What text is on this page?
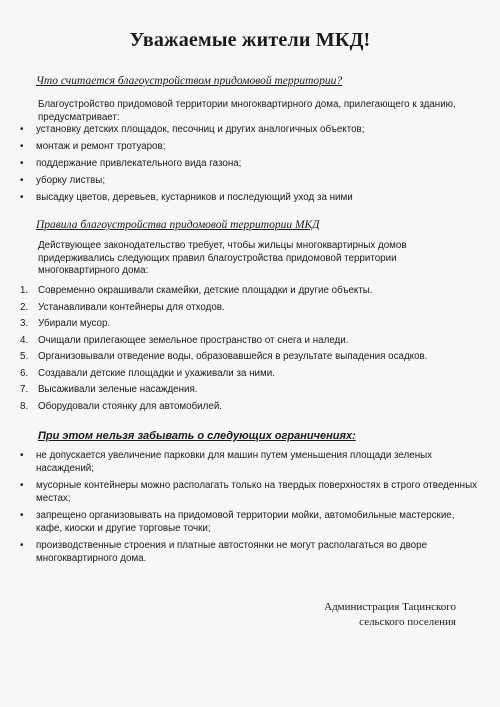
Уважаемые жители МКД!
Что считается благоустройством придомовой территории?
Благоустройство придомовой территории многоквартирного дома, прилегающего к зданию, предусматривает:
• установку детских площадок, песочниц и других аналогичных объектов;
• монтаж и ремонт тротуаров;
• поддержание привлекательного вида газона;
• уборку листвы;
• высадку цветов, деревьев, кустарников и последующий уход за ними
Правила благоустройства придомовой территории МКД
Действующее законодательство требует, чтобы жильцы многоквартирных домов придерживались следующих правил благоустройства придомовой территории многоквартирного дома:
1. Современно окрашивали скамейки, детские площадки и другие объекты.
2. Устанавливали контейнеры для отходов.
3. Убирали мусор.
4. Очищали прилегающее земельное пространство от снега и наледи.
5. Организовывали отведение воды, образовавшейся в результате выпадения осадков.
6. Создавали детские площадки и ухаживали за ними.
7. Высаживали зеленые насаждения.
8. Оборудовали стоянку для автомобилей.
При этом нельзя забывать о следующих ограничениях:
• не допускается увеличение парковки для машин путем уменьшения площади зеленых насаждений;
• мусорные контейнеры можно располагать только на твердых поверхностях в строго отведенных местах;
• запрещено организовывать на придомовой территории мойки, автомобильные мастерские, кафе, киоски и другие торговые точки;
• производственные строения и платные автостоянки не могут располагаться во дворе многоквартирного дома.
Администрация Тацинского
сельского поселения
